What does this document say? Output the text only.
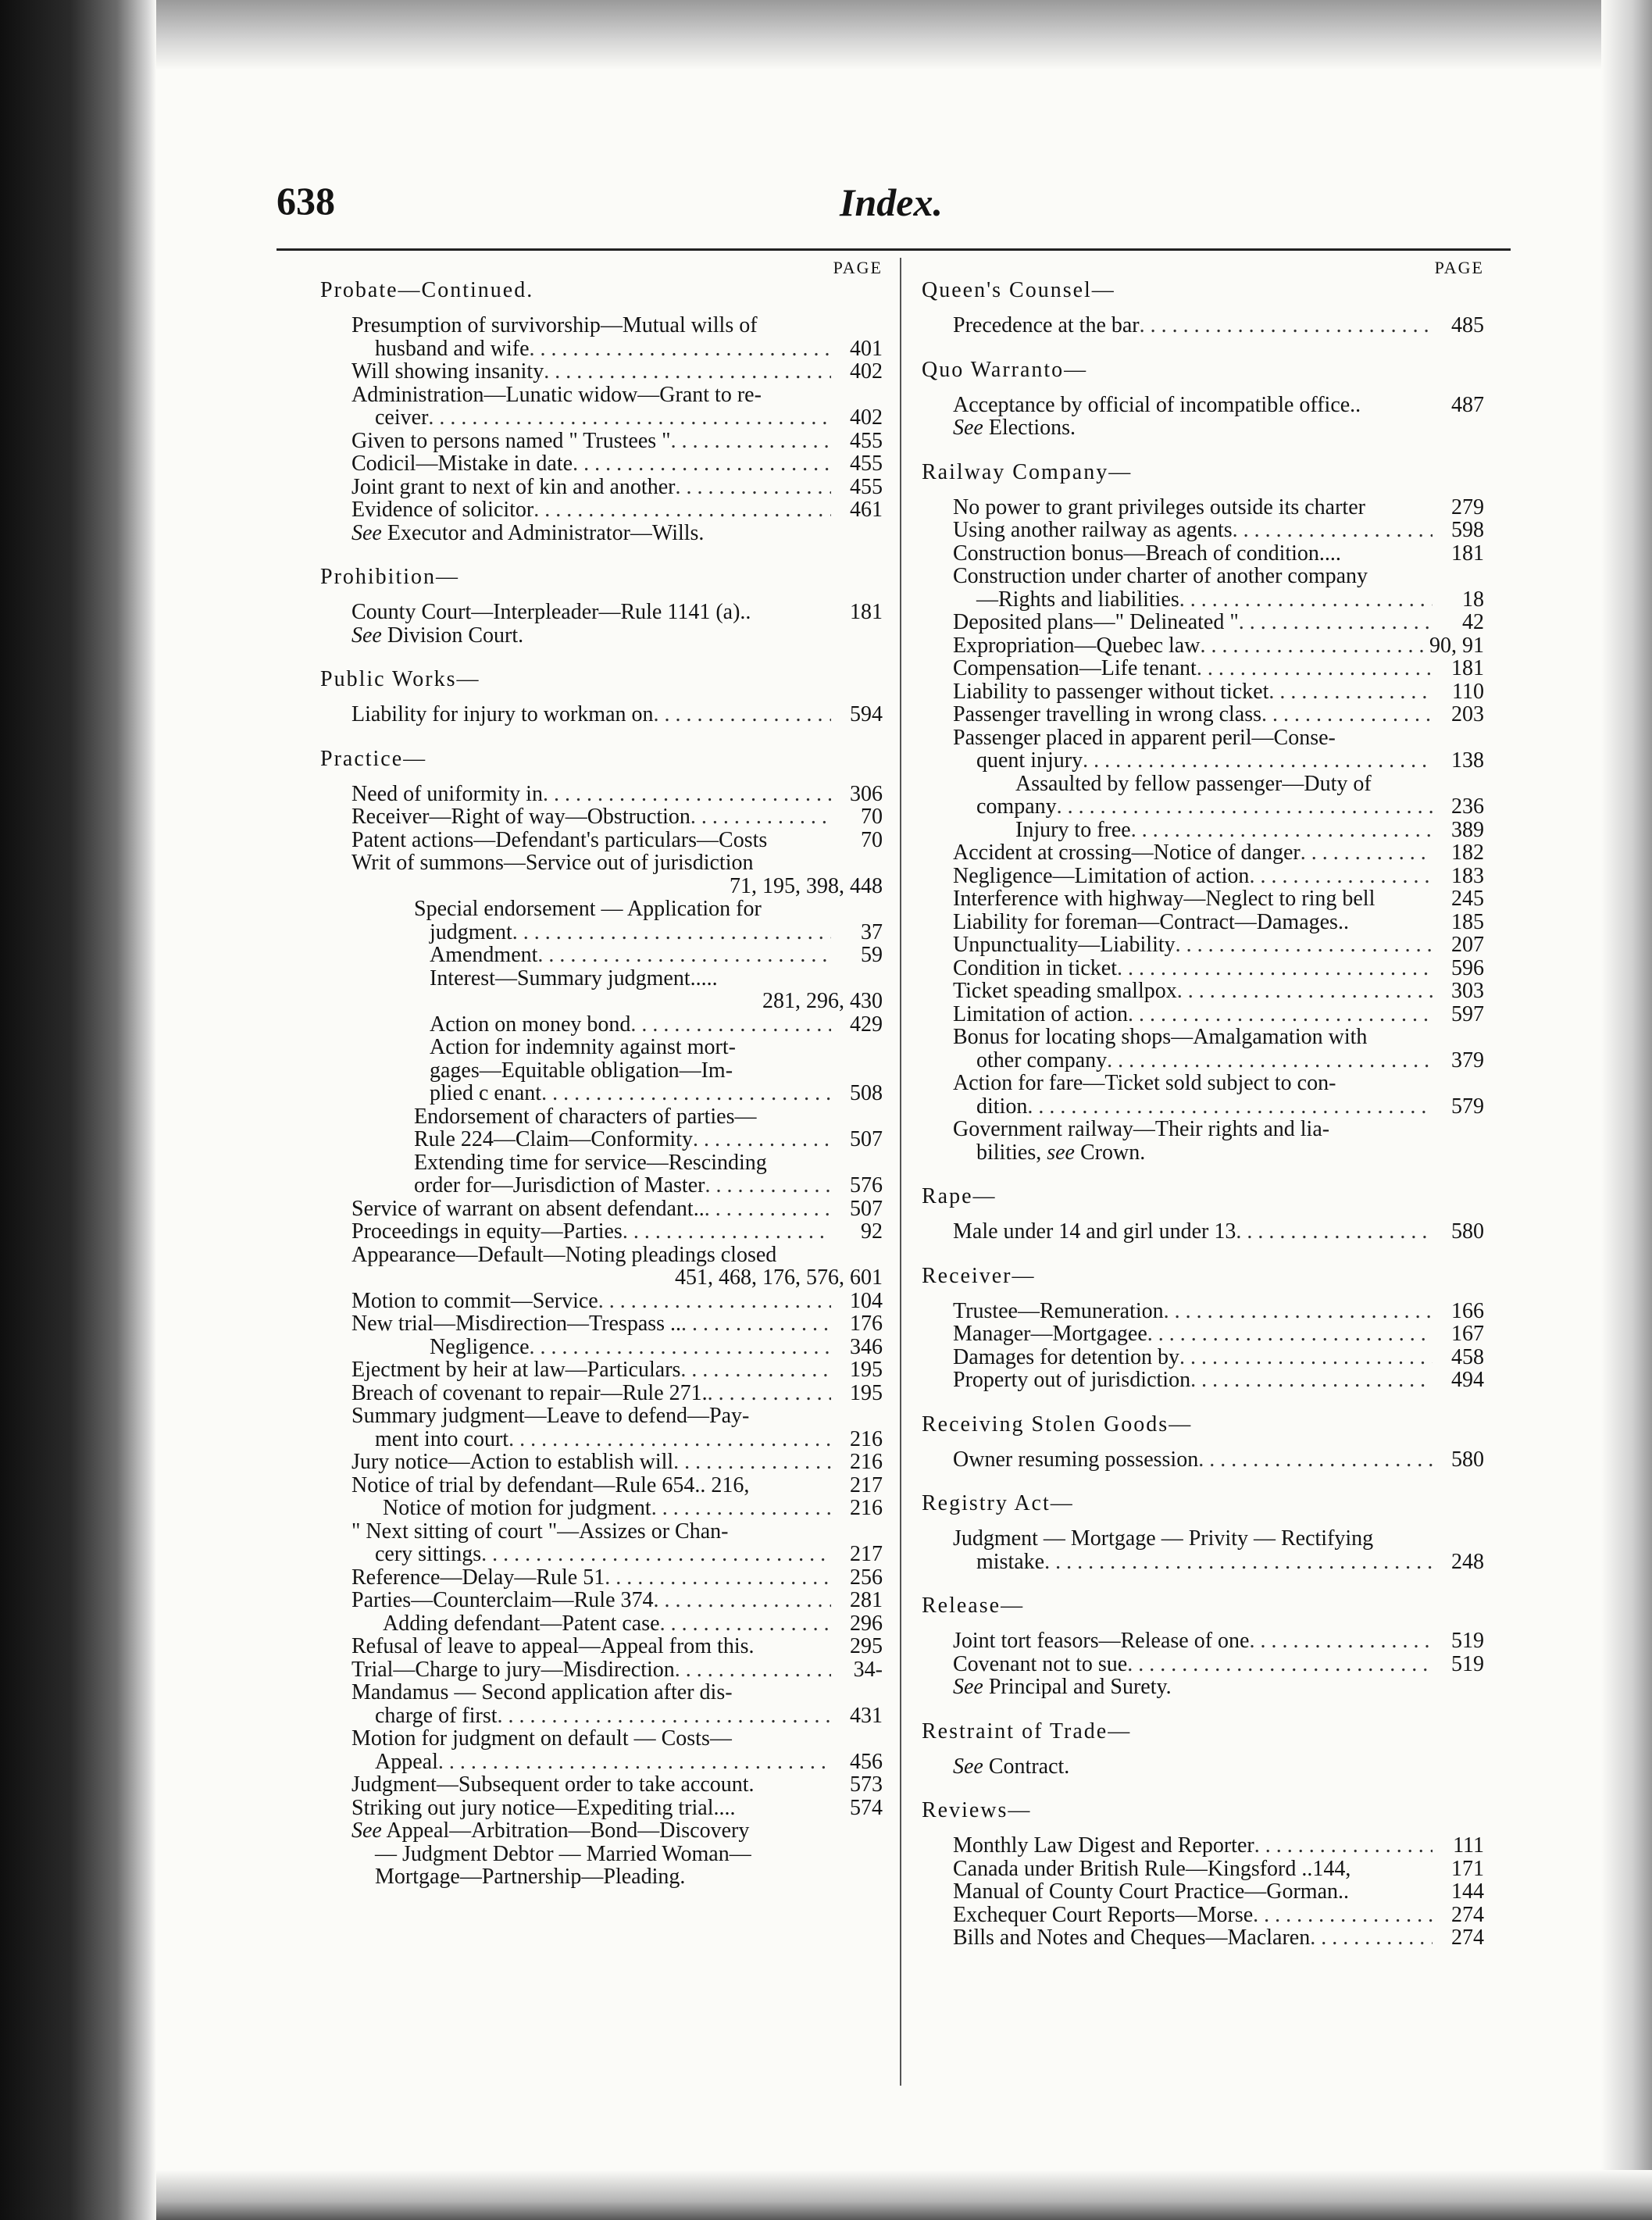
638	Index.
PAGE
Probate—Continued.
Presumption of survivorship—Mutual wills of
husband and wife . . .	401
Will showing insanity . . .	402
Administration—Lunatic widow—Grant to re-
ceiver . . .	402
Given to persons named " Trustees " . . .	455
Codicil—Mistake in date . . .	455
Joint grant to next of kin and another . . .	455
Evidence of solicitor . . .	461
See Executor and Administrator—Wills.
Prohibition—
County Court—Interpleader—Rule 1141 (a)..	181
See Division Court.
Public Works—
Liability for injury to workman on . . .	594
Practice—
Need of uniformity in . . .	306
Receiver—Right of way—Obstruction . . .	70
Patent actions—Defendant's particulars—Costs	70
Writ of summons—Service out of jurisdiction
71, 195, 398, 448
Special endorsement — Application for
judgment . . .	37
Amendment . . .	59
Interest—Summary judgment.....
281, 296, 430
Action on money bond . . .	429
Action for indemnity against mort-
gages—Equitable obligation—Im-
plied c enant . . .	508
Endorsement of characters of parties—
Rule 224—Claim—Conformity . . .	507
Extending time for service—Rescinding
order for—Jurisdiction of Master . . .	576
Service of warrant on absent defendant.. . . .	507
Proceedings in equity—Parties . . .	92
Appearance—Default—Noting pleadings closed
451, 468, 176, 576, 601
Motion to commit—Service . . .	104
New trial—Misdirection—Trespass .. . . .	176
Negligence . . .	346
Ejectment by heir at law—Particulars . . .	195
Breach of covenant to repair—Rule 271. . . .	195
Summary judgment—Leave to defend—Pay-
ment into court . . .	216
Jury notice—Action to establish will . . .	216
Notice of trial by defendant—Rule 654.. 216,	217
Notice of motion for judgment . . .	216
" Next sitting of court "—Assizes or Chan-
cery sittings . . .	217
Reference—Delay—Rule 51 . . .	256
Parties—Counterclaim—Rule 374 . . .	281
Adding defendant—Patent case . . .	296
Refusal of leave to appeal—Appeal from this.	295
Trial—Charge to jury—Misdirection . . .	34-
Mandamus — Second application after dis-
charge of first . . .	431
Motion for judgment on default — Costs—
Appeal . . .	456
Judgment—Subsequent order to take account.	573
Striking out jury notice—Expediting trial....	574
See Appeal—Arbitration—Bond—Discovery
— Judgment Debtor — Married Woman—
Mortgage—Partnership—Pleading.
PAGE
Queen's Counsel—
Precedence at the bar . . .	485
Quo Warranto—
Acceptance by official of incompatible office..	487
See Elections.
Railway Company—
No power to grant privileges outside its charter	279
Using another railway as agents . . .	598
Construction bonus—Breach of condition....	181
Construction under charter of another company
—Rights and liabilities . . .	18
Deposited plans—" Delineated " . . .	42
Expropriation—Quebec law . . .	90, 91
Compensation—Life tenant . . .	181
Liability to passenger without ticket . . .	110
Passenger travelling in wrong class . . .	203
Passenger placed in apparent peril—Conse-
quent injury . . .	138
Assaulted by fellow passenger—Duty of
company . . .	236
Injury to free . . .	389
Accident at crossing—Notice of danger . . .	182
Negligence—Limitation of action . . .	183
Interference with highway—Neglect to ring bell	245
Liability for foreman—Contract—Damages..	185
Unpunctuality—Liability . . .	207
Condition in ticket . . .	596
Ticket speading smallpox . . .	303
Limitation of action . . .	597
Bonus for locating shops—Amalgamation with
other company . . .	379
Action for fare—Ticket sold subject to con-
dition . . .	579
Government railway—Their rights and lia-
bilities, see Crown.
Rape—
Male under 14 and girl under 13 . . .	580
Receiver—
Trustee—Remuneration . . .	166
Manager—Mortgagee . . .	167
Damages for detention by . . .	458
Property out of jurisdiction . . .	494
Receiving Stolen Goods—
Owner resuming possession . . .	580
Registry Act—
Judgment — Mortgage — Privity — Rectifying
mistake . . .	248
Release—
Joint tort feasors—Release of one . . .	519
Covenant not to sue . . .	519
See Principal and Surety.
Restraint of Trade—
See Contract.
Reviews—
Monthly Law Digest and Reporter . . .	111
Canada under British Rule—Kingsford ..144,	171
Manual of County Court Practice—Gorman..	144
Exchequer Court Reports—Morse . . .	274
Bills and Notes and Cheques—Maclaren . . .	274
